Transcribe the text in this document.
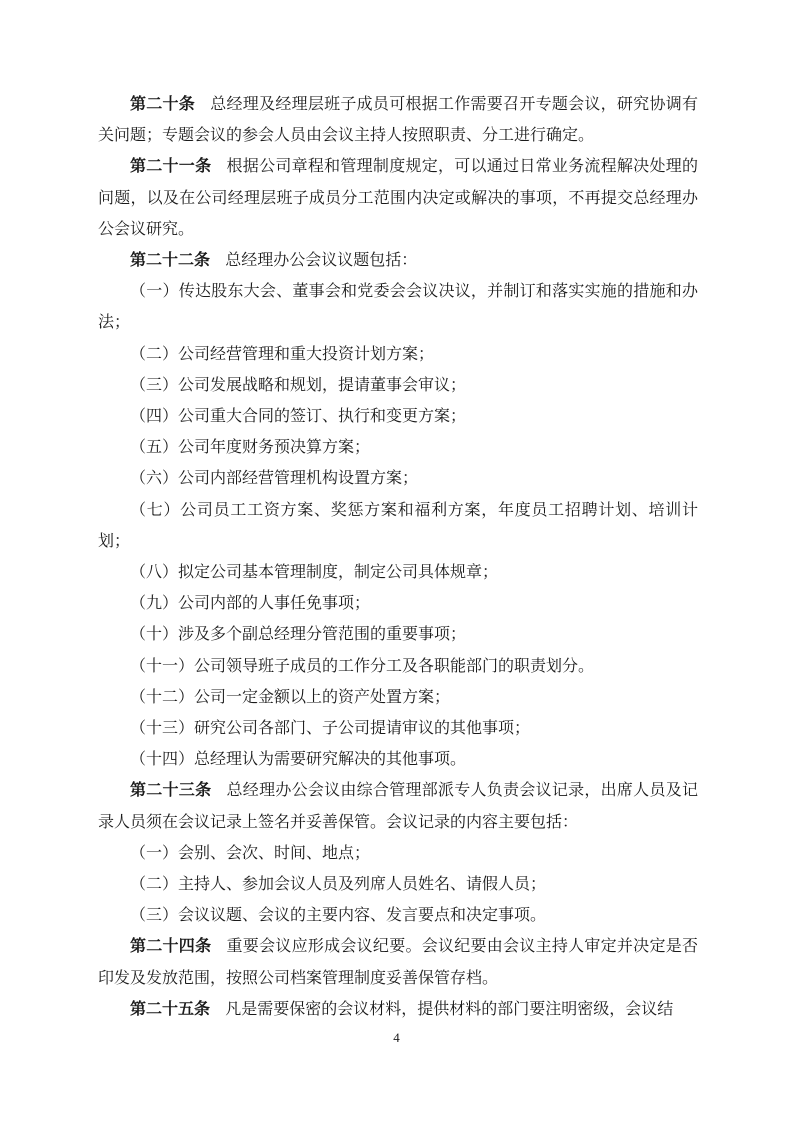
第二十条 总经理及经理层班子成员可根据工作需要召开专题会议，研究协调有关问题；专题会议的参会人员由会议主持人按照职责、分工进行确定。

第二十一条 根据公司章程和管理制度规定，可以通过日常业务流程解决处理的问题，以及在公司经理层班子成员分工范围内决定或解决的事项，不再提交总经理办公会议研究。

第二十二条 总经理办公会议议题包括：

（一）传达股东大会、董事会和党委会会议决议，并制订和落实实施的措施和办法；

（二）公司经营管理和重大投资计划方案；

（三）公司发展战略和规划，提请董事会审议；

（四）公司重大合同的签订、执行和变更方案；

（五）公司年度财务预决算方案；

（六）公司内部经营管理机构设置方案；

（七）公司员工工资方案、奖惩方案和福利方案，年度员工招聘计划、培训计划；

（八）拟定公司基本管理制度，制定公司具体规章；

（九）公司内部的人事任免事项；

（十）涉及多个副总经理分管范围的重要事项；

（十一）公司领导班子成员的工作分工及各职能部门的职责划分。

（十二）公司一定金额以上的资产处置方案；

（十三）研究公司各部门、子公司提请审议的其他事项；

（十四）总经理认为需要研究解决的其他事项。

第二十三条 总经理办公会议由综合管理部派专人负责会议记录，出席人员及记录人员须在会议记录上签名并妥善保管。会议记录的内容主要包括：

（一）会别、会次、时间、地点；

（二）主持人、参加会议人员及列席人员姓名、请假人员；

（三）会议议题、会议的主要内容、发言要点和决定事项。

第二十四条 重要会议应形成会议纪要。会议纪要由会议主持人审定并决定是否印发及发放范围，按照公司档案管理制度妥善保管存档。

第二十五条 凡是需要保密的会议材料，提供材料的部门要注明密级，会议结

4
